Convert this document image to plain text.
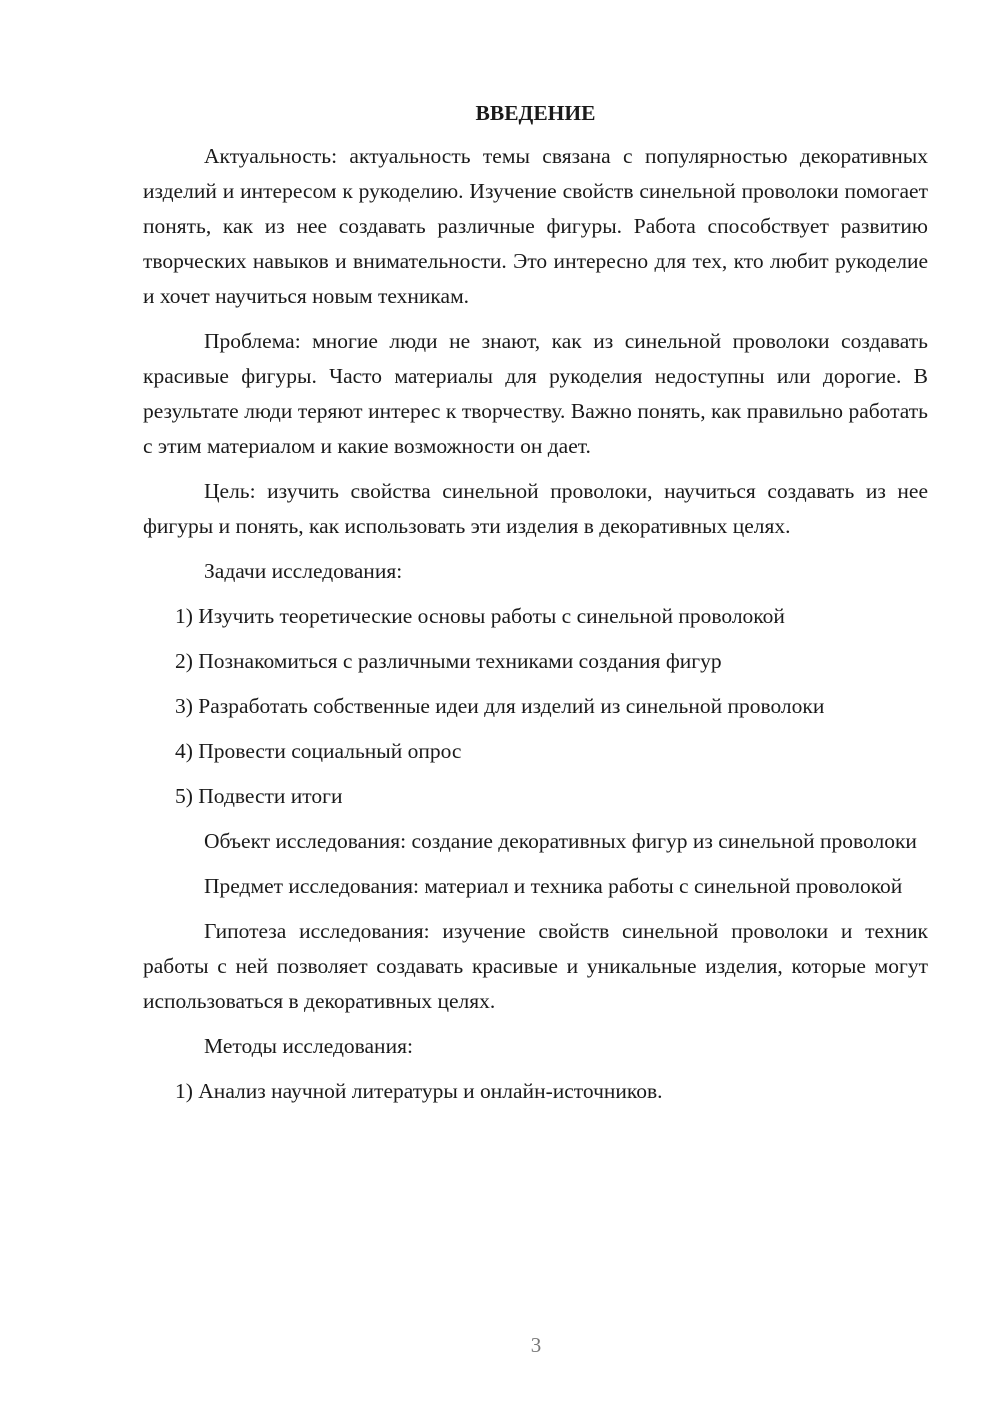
ВВЕДЕНИЕ

Актуальность: актуальность темы связана с популярностью декоративных изделий и интересом к рукоделию. Изучение свойств синельной проволоки помогает понять, как из нее создавать различные фигуры. Работа способствует развитию творческих навыков и внимательности. Это интересно для тех, кто любит рукоделие и хочет научиться новым техникам.

Проблема: многие люди не знают, как из синельной проволоки создавать красивые фигуры. Часто материалы для рукоделия недоступны или дорогие. В результате люди теряют интерес к творчеству. Важно понять, как правильно работать с этим материалом и какие возможности он дает.

Цель: изучить свойства синельной проволоки, научиться создавать из нее фигуры и понять, как использовать эти изделия в декоративных целях.

Задачи исследования:

1) Изучить теоретические основы работы с синельной проволокой

2) Познакомиться с различными техниками создания фигур

3) Разработать собственные идеи для изделий из синельной проволоки

4) Провести социальный опрос

5) Подвести итоги

Объект исследования: создание декоративных фигур из синельной проволоки

Предмет исследования: материал и техника работы с синельной проволокой

Гипотеза исследования: изучение свойств синельной проволоки и техник работы с ней позволяет создавать красивые и уникальные изделия, которые могут использоваться в декоративных целях.

Методы исследования:

1) Анализ научной литературы и онлайн-источников.

3
